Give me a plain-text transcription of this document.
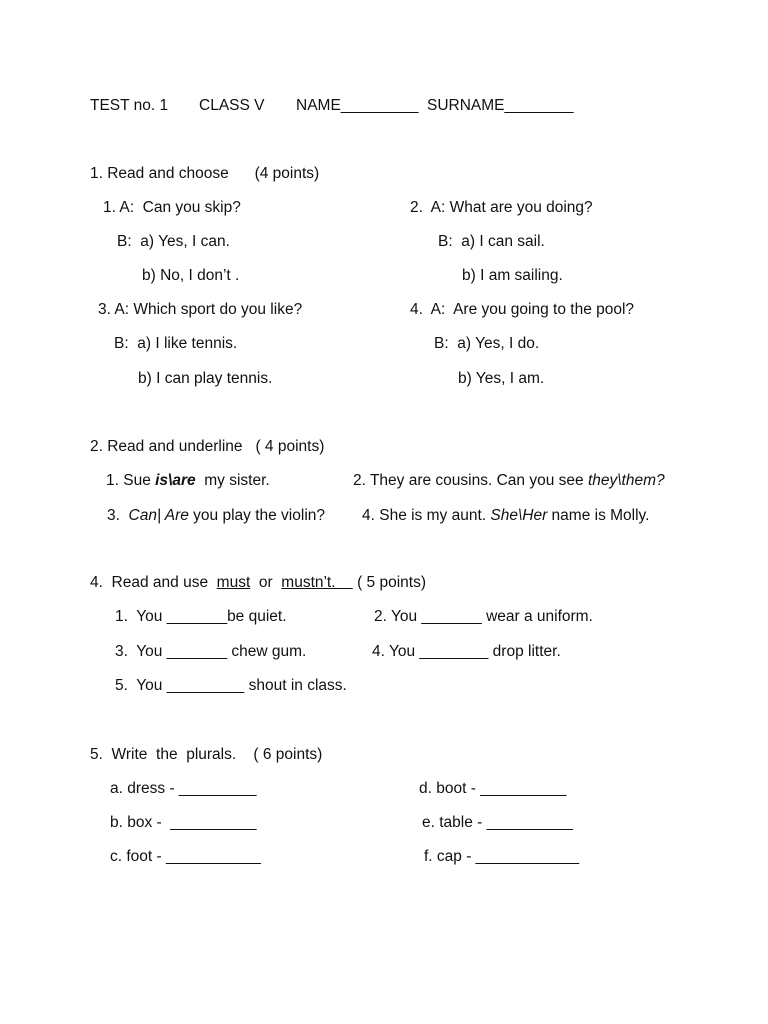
TEST no. 1 CLASS V NAME_________ SURNAME________
1. Read and choose      (4 points)
1. A:  Can you skip?
B:  a) Yes, I can.
b) No, I don’t .
2.  A: What are you doing?
B:  a) I can sail.
b) I am sailing.
3. A: Which sport do you like?
B:  a) I like tennis.
b) I can play tennis.
4.  A:  Are you going to the pool?
B:  a) Yes, I do.
b) Yes, I am.
2. Read and underline   ( 4 points)
1. Sue is\are  my sister.	2. They are cousins. Can you see they\them?
3.  Can| Are you play the violin? 4. She is my aunt. She\Her name is Molly.
4.  Read and use  must  or  mustn’t.     ( 5 points)
1.  You _______be quiet.	2. You _______ wear a uniform.
3.  You _______ chew gum.	4. You ________ drop litter.
5.  You _________ shout in class.
5.  Write  the  plurals.    ( 6 points)
a. dress - _________	d. boot - __________
b. box -  __________	e. table - __________
c. foot - ___________	f. cap - ____________
